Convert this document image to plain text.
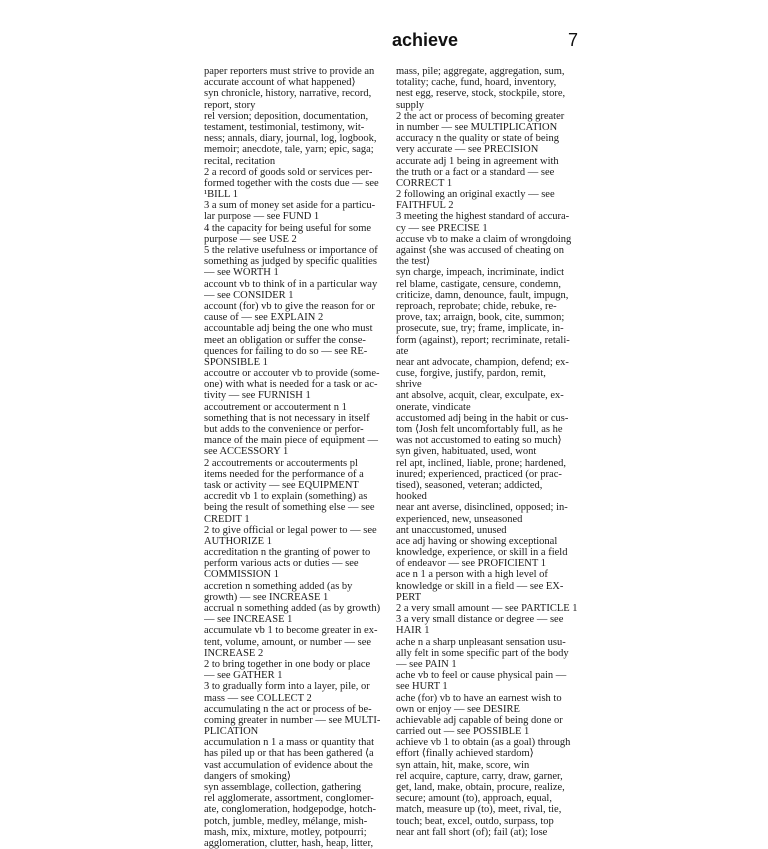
achieve	7
paper reporters must strive to provide an
accurate account of what happened⟩
syn chronicle, history, narrative, record,
report, story
rel version; deposition, documentation,
testament, testimonial, testimony, wit-
ness; annals, diary, journal, log, logbook,
memoir; anecdote, tale, yarn; epic, saga;
recital, recitation
2 a record of goods sold or services per-
formed together with the costs due — see
¹BILL 1
3 a sum of money set aside for a particu-
lar purpose — see FUND 1
4 the capacity for being useful for some
purpose — see USE 2
5 the relative usefulness or importance of
something as judged by specific qualities
— see WORTH 1
account vb to think of in a particular way
— see CONSIDER 1
account (for) vb to give the reason for or
cause of — see EXPLAIN 2
accountable adj being the one who must
meet an obligation or suffer the conse-
quences for failing to do so — see RE-
SPONSIBLE 1
accoutre or accouter vb to provide (some-
one) with what is needed for a task or ac-
tivity — see FURNISH 1
accoutrement or accouterment n 1
something that is not necessary in itself
but adds to the convenience or perfor-
mance of the main piece of equipment —
see ACCESSORY 1
2 accoutrements or accouterments pl
items needed for the performance of a
task or activity — see EQUIPMENT
accredit vb 1 to explain (something) as
being the result of something else — see
CREDIT 1
2 to give official or legal power to — see
AUTHORIZE 1
accreditation n the granting of power to
perform various acts or duties — see
COMMISSION 1
accretion n something added (as by
growth) — see INCREASE 1
accrual n something added (as by growth)
— see INCREASE 1
accumulate vb 1 to become greater in ex-
tent, volume, amount, or number — see
INCREASE 2
2 to bring together in one body or place
— see GATHER 1
3 to gradually form into a layer, pile, or
mass — see COLLECT 2
accumulating n the act or process of be-
coming greater in number — see MULTI-
PLICATION
accumulation n 1 a mass or quantity that
has piled up or that has been gathered ⟨a
vast accumulation of evidence about the
dangers of smoking⟩
syn assemblage, collection, gathering
rel agglomerate, assortment, conglomer-
ate, conglomeration, hodgepodge, hotch-
potch, jumble, medley, mélange, mish-
mash, mix, mixture, motley, potpourri;
agglomeration, clutter, hash, heap, litter,
mass, pile; aggregate, aggregation, sum,
totality; cache, fund, hoard, inventory,
nest egg, reserve, stock, stockpile, store,
supply
2 the act or process of becoming greater
in number — see MULTIPLICATION
accuracy n the quality or state of being
very accurate — see PRECISION
accurate adj 1 being in agreement with
the truth or a fact or a standard — see
CORRECT 1
2 following an original exactly — see
FAITHFUL 2
3 meeting the highest standard of accura-
cy — see PRECISE 1
accuse vb to make a claim of wrongdoing
against ⟨she was accused of cheating on
the test⟩
syn charge, impeach, incriminate, indict
rel blame, castigate, censure, condemn,
criticize, damn, denounce, fault, impugn,
reproach, reprobate; chide, rebuke, re-
prove, tax; arraign, book, cite, summon;
prosecute, sue, try; frame, implicate, in-
form (against), report; recriminate, retali-
ate
near ant advocate, champion, defend; ex-
cuse, forgive, justify, pardon, remit,
shrive
ant absolve, acquit, clear, exculpate, ex-
onerate, vindicate
accustomed adj being in the habit or cus-
tom ⟨Josh felt uncomfortably full, as he
was not accustomed to eating so much⟩
syn given, habituated, used, wont
rel apt, inclined, liable, prone; hardened,
inured; experienced, practiced (or prac-
tised), seasoned, veteran; addicted,
hooked
near ant averse, disinclined, opposed; in-
experienced, new, unseasoned
ant unaccustomed, unused
ace adj having or showing exceptional
knowledge, experience, or skill in a field
of endeavor — see PROFICIENT 1
ace n 1 a person with a high level of
knowledge or skill in a field — see EX-
PERT
2 a very small amount — see PARTICLE 1
3 a very small distance or degree — see
HAIR 1
ache n a sharp unpleasant sensation usu-
ally felt in some specific part of the body
— see PAIN 1
ache vb to feel or cause physical pain —
see HURT 1
ache (for) vb to have an earnest wish to
own or enjoy — see DESIRE
achievable adj capable of being done or
carried out — see POSSIBLE 1
achieve vb 1 to obtain (as a goal) through
effort ⟨finally achieved stardom⟩
syn attain, hit, make, score, win
rel acquire, capture, carry, draw, garner,
get, land, make, obtain, procure, realize,
secure; amount (to), approach, equal,
match, measure up (to), meet, rival, tie,
touch; beat, excel, outdo, surpass, top
near ant fall short (of); fail (at); lose
